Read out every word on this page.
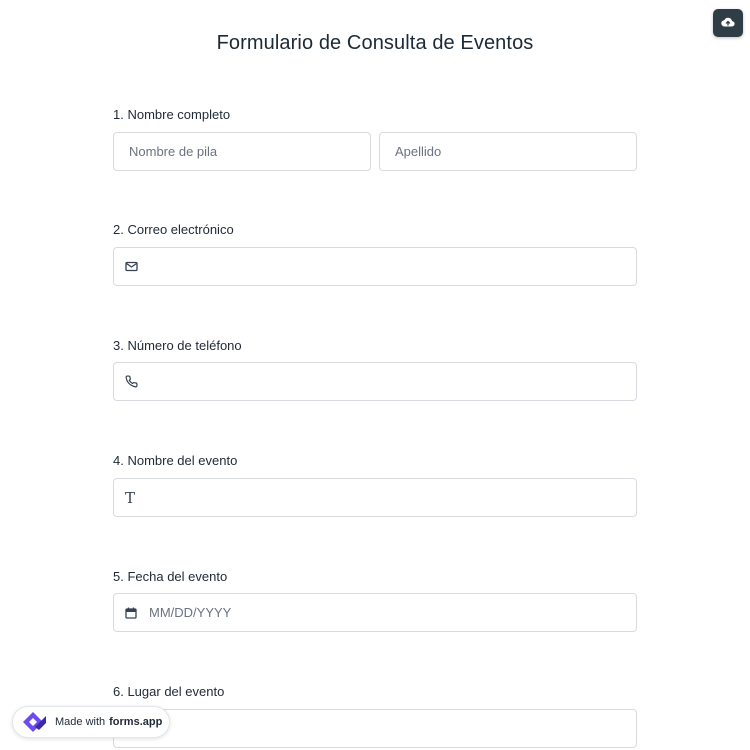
Formulario de Consulta de Eventos
1. Nombre completo
Nombre de pila	Apellido
2. Correo electrónico
3. Número de teléfono
4. Nombre del evento
T
5. Fecha del evento
MM/DD/YYYY
6. Lugar del evento
Made with forms.app
